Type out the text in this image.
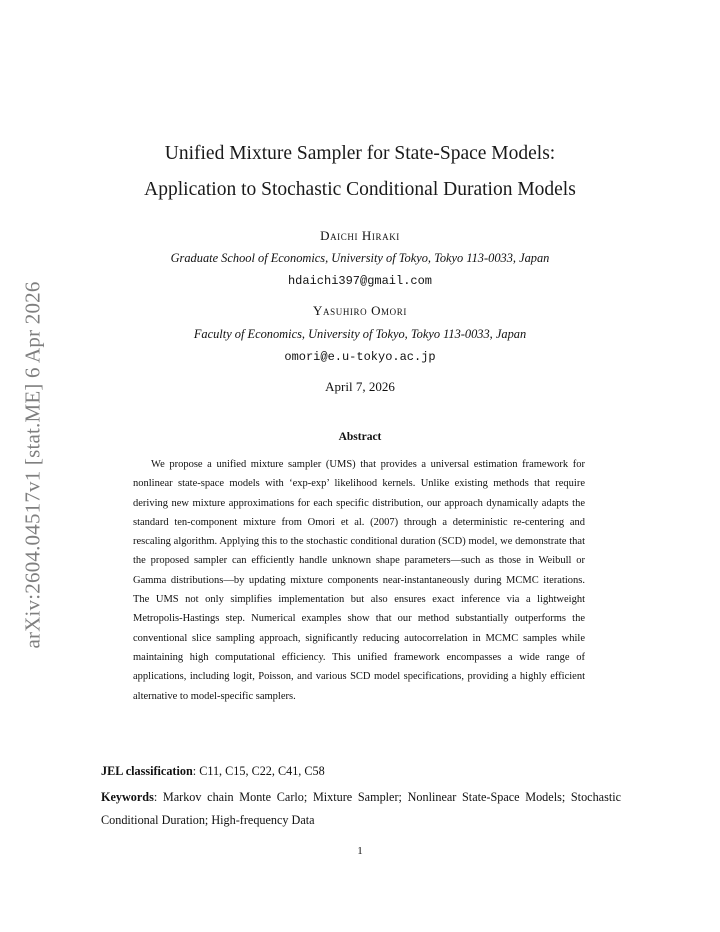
arXiv:2604.04517v1 [stat.ME] 6 Apr 2026
Unified Mixture Sampler for State-Space Models:
Application to Stochastic Conditional Duration Models
Daichi Hiraki
Graduate School of Economics, University of Tokyo, Tokyo 113-0033, Japan
hdaichi397@gmail.com
Yasuhiro Omori
Faculty of Economics, University of Tokyo, Tokyo 113-0033, Japan
omori@e.u-tokyo.ac.jp
April 7, 2026
Abstract
We propose a unified mixture sampler (UMS) that provides a universal estimation framework for nonlinear state-space models with ‘exp-exp’ likelihood kernels. Unlike existing methods that require deriving new mixture approximations for each specific distribution, our approach dynamically adapts the standard ten-component mixture from Omori et al. (2007) through a deterministic re-centering and rescaling algorithm. Applying this to the stochastic conditional duration (SCD) model, we demonstrate that the proposed sampler can efficiently handle unknown shape parameters—such as those in Weibull or Gamma distributions—by updating mixture components near-instantaneously during MCMC iterations. The UMS not only simplifies implementation but also ensures exact inference via a lightweight Metropolis-Hastings step. Numerical examples show that our method substantially outperforms the conventional slice sampling approach, significantly reducing autocorrelation in MCMC samples while maintaining high computational efficiency. This unified framework encompasses a wide range of applications, including logit, Poisson, and various SCD model specifications, providing a highly efficient alternative to model-specific samplers.
JEL classification: C11, C15, C22, C41, C58
Keywords: Markov chain Monte Carlo; Mixture Sampler; Nonlinear State-Space Models; Stochastic Conditional Duration; High-frequency Data
1
